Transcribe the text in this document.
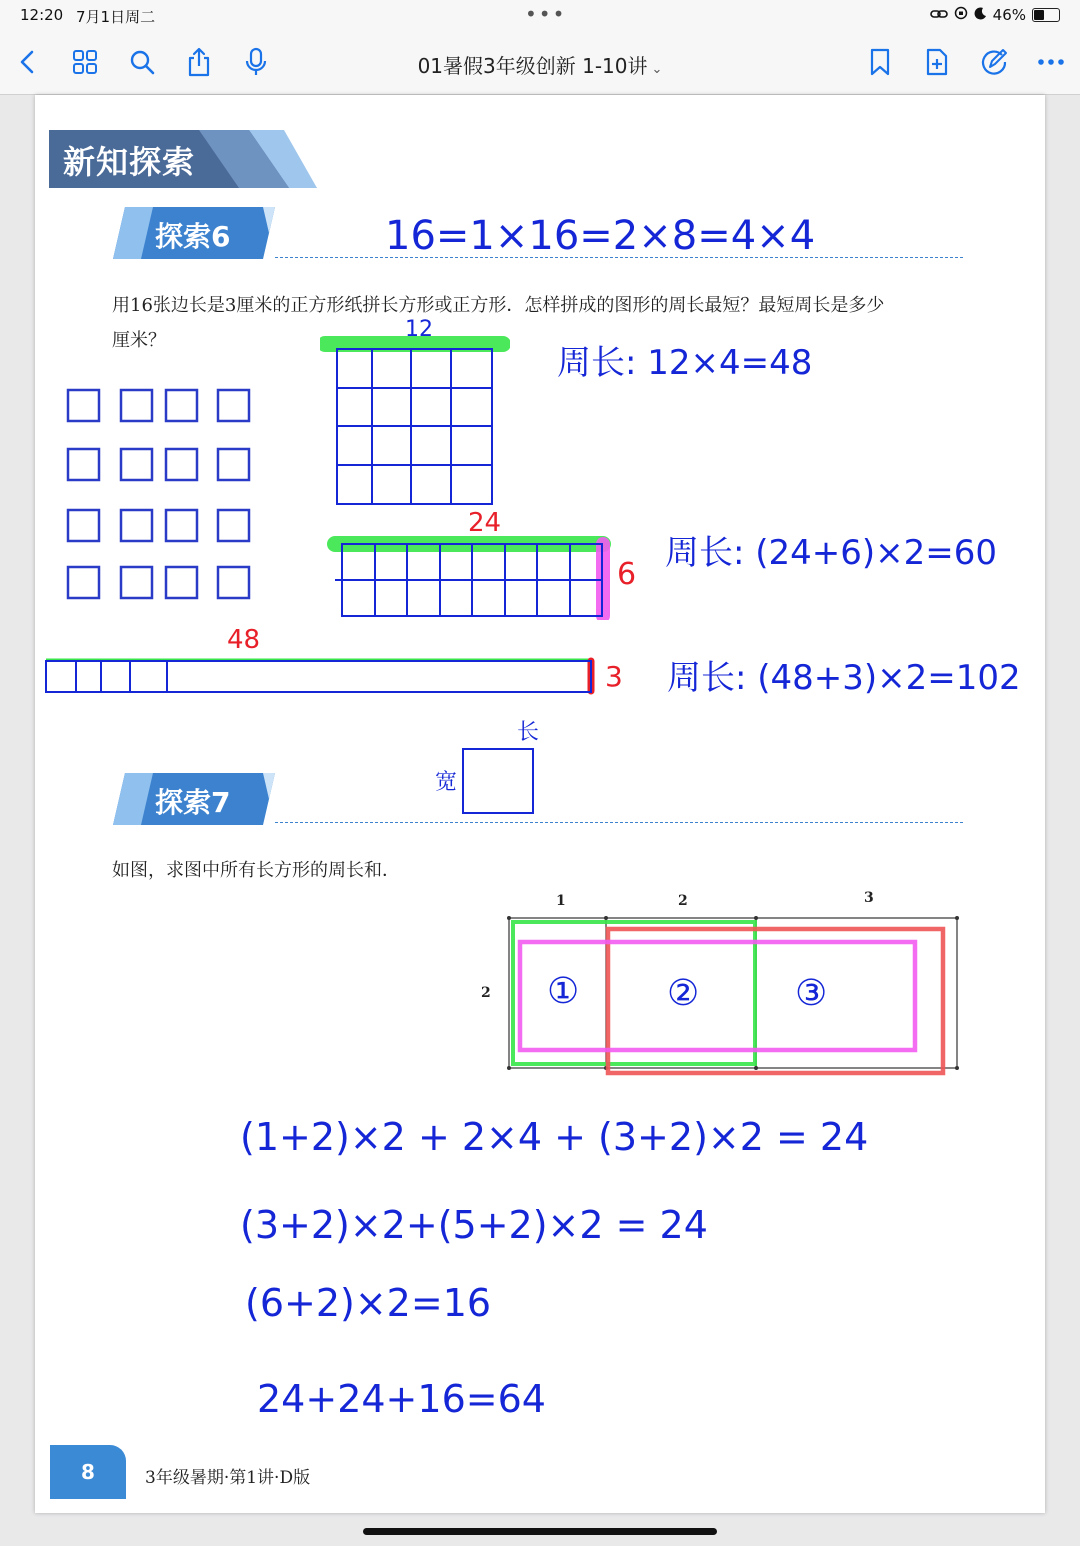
12:20 7月1日周二	•••	46%
01暑假3年级创新 1-10讲 ⌄
新知探索
探索6
用16张边长是3厘米的正方形纸拼长方形或正方形．怎样拼成的图形的周长最短？最短周长是多少
厘米？
16=1×16=2×8=4×4
12
周长: 12×4=48
24
6
周长: (24+6)×2=60
48
3 周长: (48+3)×2=102
长
宽
探索7
如图，求图中所有长方形的周长和．
1	2	3
2 ① ②	③
(1+2)×2 + 2×4 + (3+2)×2 = 24
(3+2)×2+(5+2)×2 = 24
(6+2)×2=16
24+24+16=64
8	3年级暑期·第1讲·D版
